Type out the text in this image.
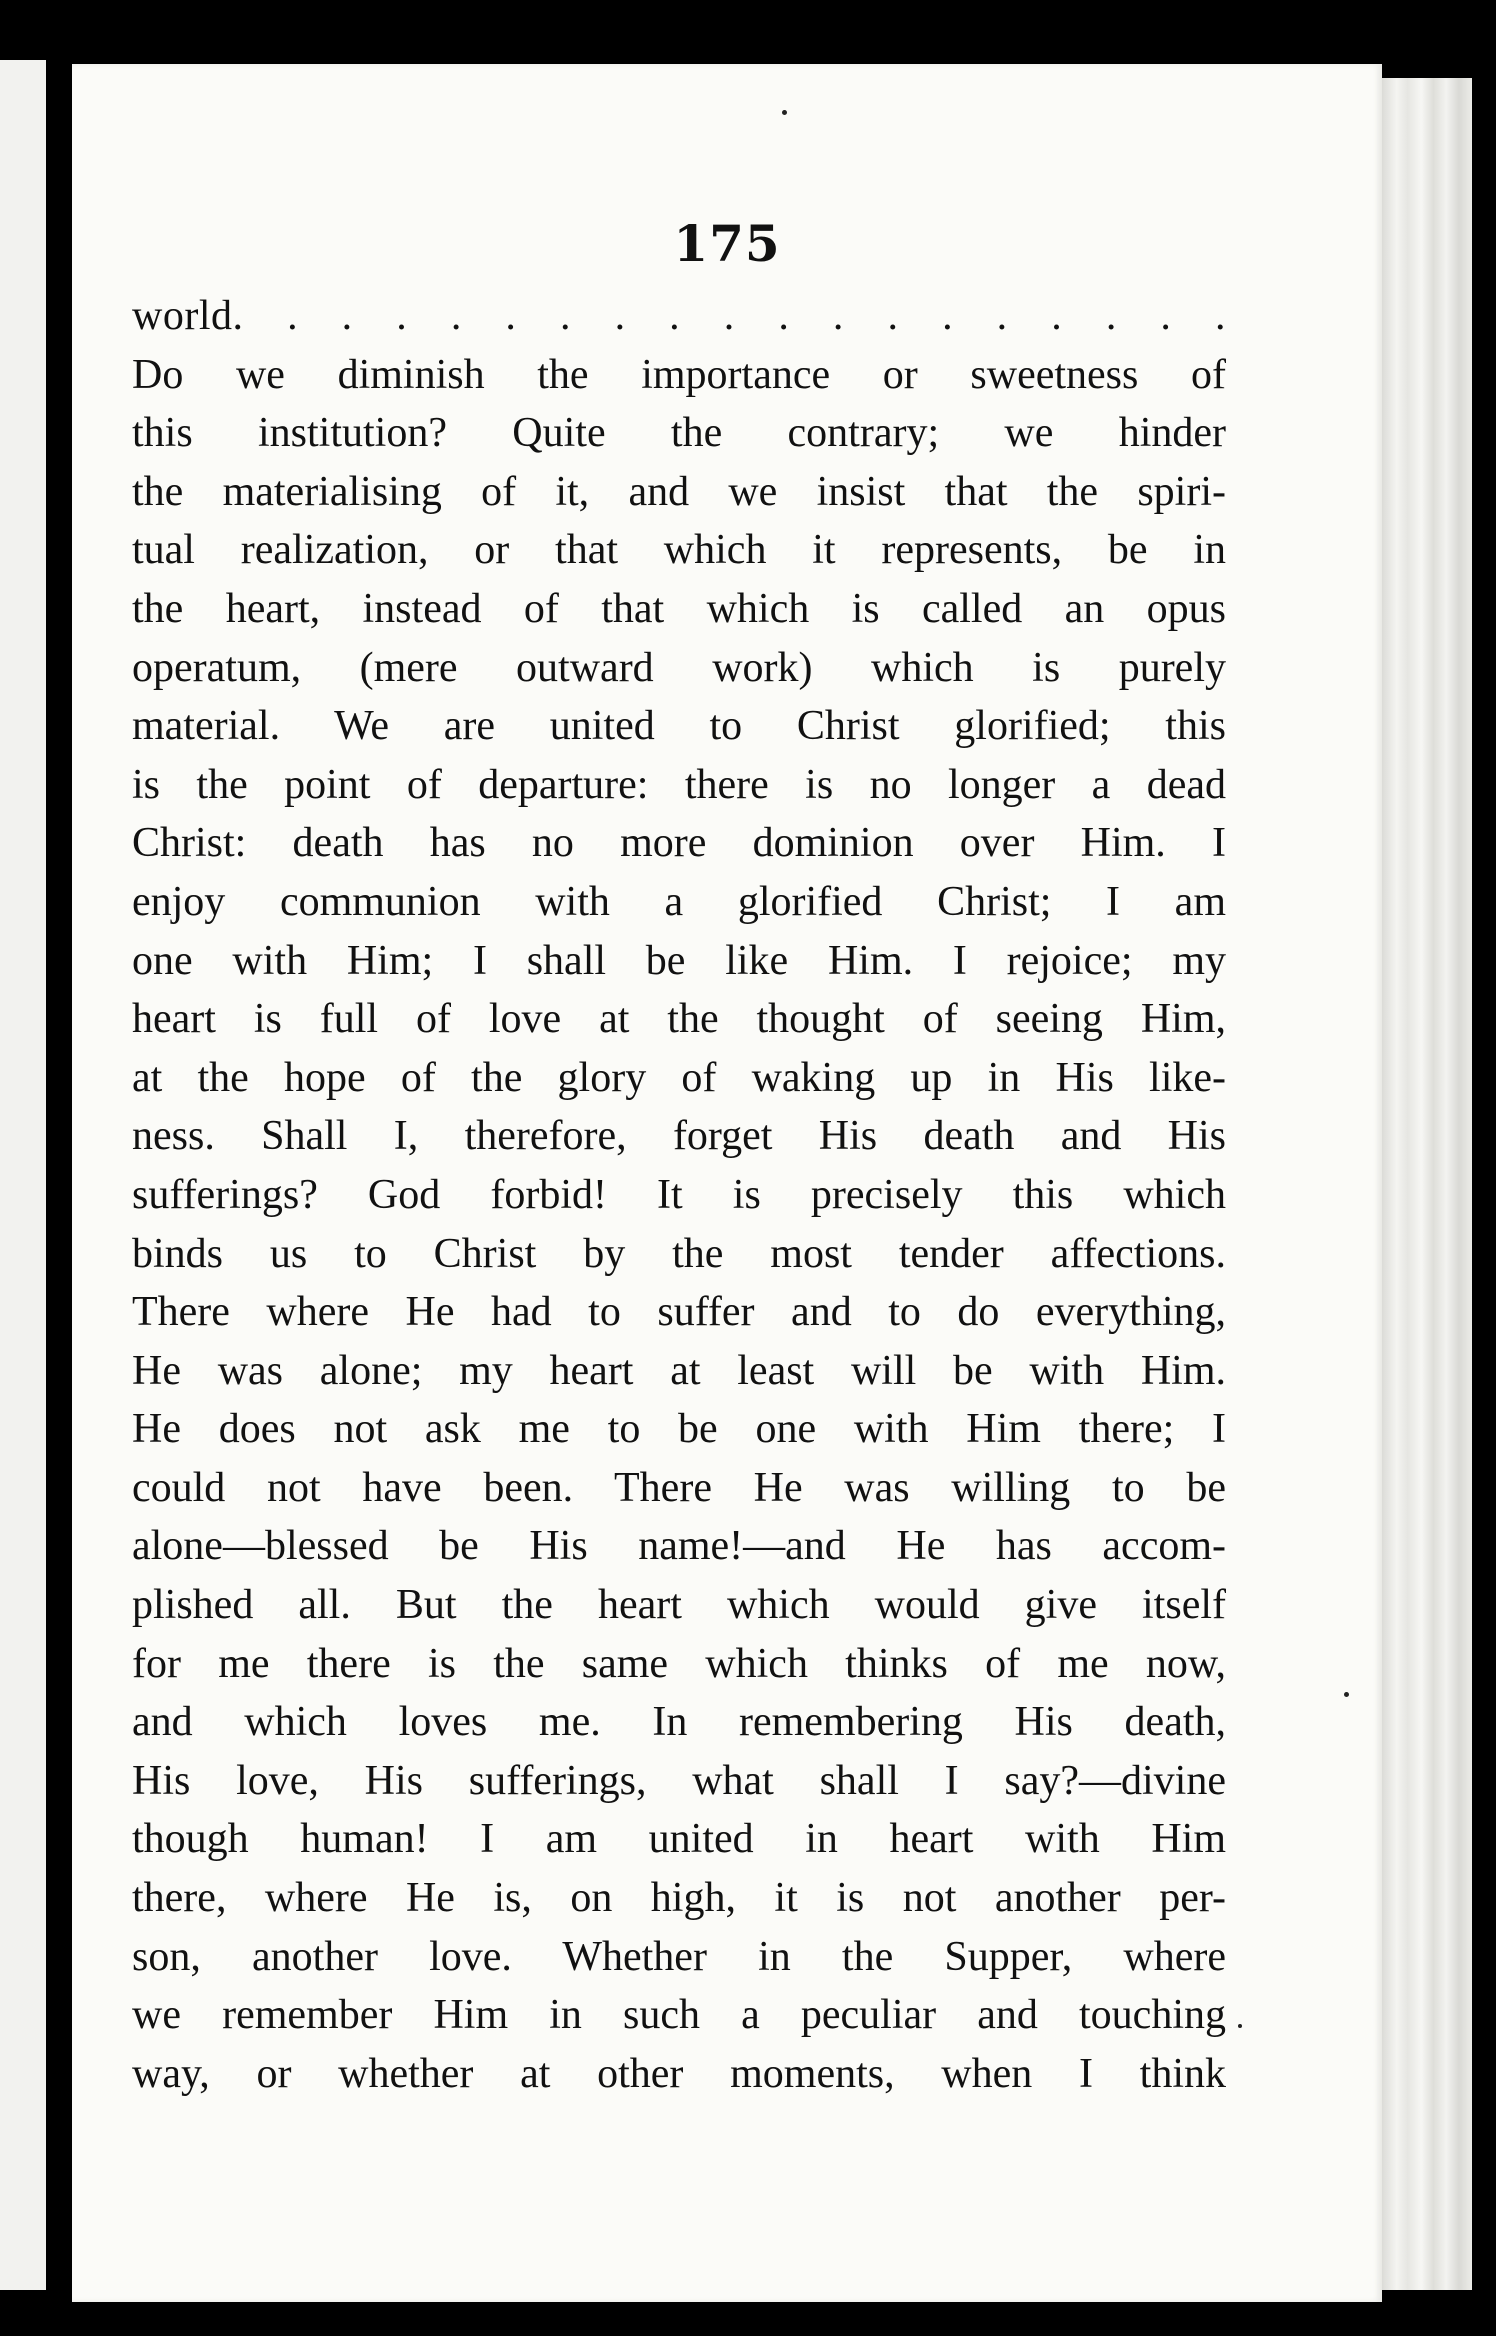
175
world. . . . . . . . . . . . . . . . . . .
Do we diminish the importance or sweetness of
this institution? Quite the contrary; we hinder
the materialising of it, and we insist that the spiri-
tual realization, or that which it represents, be in
the heart, instead of that which is called an opus
operatum, (mere outward work) which is purely
material. We are united to Christ glorified; this
is the point of departure: there is no longer a dead
Christ: death has no more dominion over Him. I
enjoy communion with a glorified Christ; I am
one with Him; I shall be like Him. I rejoice; my
heart is full of love at the thought of seeing Him,
at the hope of the glory of waking up in His like-
ness. Shall I, therefore, forget His death and His
sufferings? God forbid! It is precisely this which
binds us to Christ by the most tender affections.
There where He had to suffer and to do everything,
He was alone; my heart at least will be with Him.
He does not ask me to be one with Him there; I
could not have been. There He was willing to be
alone—blessed be His name!—and He has accom-
plished all. But the heart which would give itself
for me there is the same which thinks of me now,
and which loves me. In remembering His death,
His love, His sufferings, what shall I say?—divine
though human! I am united in heart with Him
there, where He is, on high, it is not another per-
son, another love. Whether in the Supper, where
we remember Him in such a peculiar and touching
way, or whether at other moments, when I think
